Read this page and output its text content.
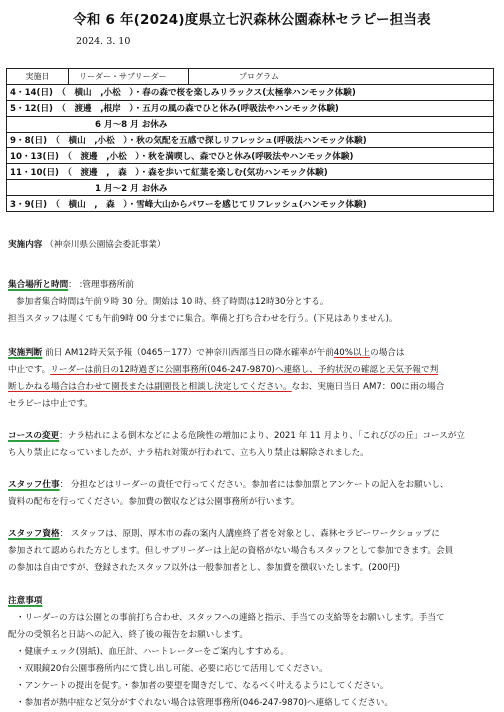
令和 6 年(2024)度県立七沢森林公園森林セラピー担当表
2024. 3. 10
実施日	リーダー・サブリーダー	プログラム
4・14(日)　（　横山　,小松　）・春の森で桜を楽しみリラックス(太極拳ハンモック体験)
5・12(日)　（　渡邊　,根岸　）・五月の風の森でひと休み(呼吸法やハンモック体験)
6 月～8 月 お休み
9・8(日)　（　横山　,小松　）・秋の気配を五感で探しリフレッシュ(呼吸法ハンモック体験)
10・13(日)　（　渡邊　,小松　）・秋を満喫し、森でひと休み(呼吸法やハンモック体験)
11・10(日)　（　渡邊　,　森　）・森を歩いて紅葉を楽しむ(気功ハンモック体験)
1 月～2 月 お休み
3・9(日)　（　横山　,　森　）・雪峰大山からパワーを感じてリフレッシュ(ハンモック体験)
実施内容 （神奈川県公園協会委託事業）
集合場所と時間： :管理事務所前
参加者集合時間は午前９時 30 分。開始は 10 時、終了時間は12時30分とする。
担当スタッフは遅くても午前9時 00 分までに集合。準備と打ち合わせを行う。(下見はありません)。
実施判断 前日 AM12時天気予報（0465－177）で神奈川西部当日の降水確率が午前40%以上の場合は
中止です。リーダーは前日の12時過ぎに公園事務所(046-247-9870)へ連絡し、予約状況の確認と天気予報で判
断しかねる場合は合わせて園長または副園長と相談し決定してください。なお、実施日当日 AM7：00に雨の場合
セラピーは中止です。
コースの変更：ナラ枯れによる倒木などによる危険性の増加により、2021 年 11 月より、「これびびの丘」コースが立
ち入り禁止になっていましたが、ナラ枯れ対策が行われて、立ち入り禁止は解除されました。
スタッフ仕事： 分担などはリーダーの責任で行ってください。参加者には参加票とアンケートの記入をお願いし、
資料の配布を行ってください。参加費の徴収などは公園事務所が行います。
スタッフ資格： スタッフは、原則、厚木市の森の案内人講座終了者を対象とし、森林セラピーワークショップに
参加されて認められた方とします。但しサブリーダーは上記の資格がない場合もスタッフとして参加できます。会員
の参加は自由ですが、登録されたスタッフ以外は一般参加者とし、参加費を徴収いたします。(200円)
注意事項
・リーダーの方は公園との事前打ち合わせ、スタッフへの連絡と指示、手当ての支給等をお願いします。手当て
配分の受領名と日誌への記入、終了後の報告をお願いします。
・健康チェック(別紙)、血圧計、ハートレーターをご案内しすすめる。
・双眼鏡20台公園事務所内にて貸し出し可能、必要に応じて活用してください。
・アンケートの提出を促す。・参加者の要望を聞きだして、なるべく叶えるようにしてください。
・参加者が熱中症など気分がすぐれない場合は管理事務所(046-247-9870)へ連絡してください。
